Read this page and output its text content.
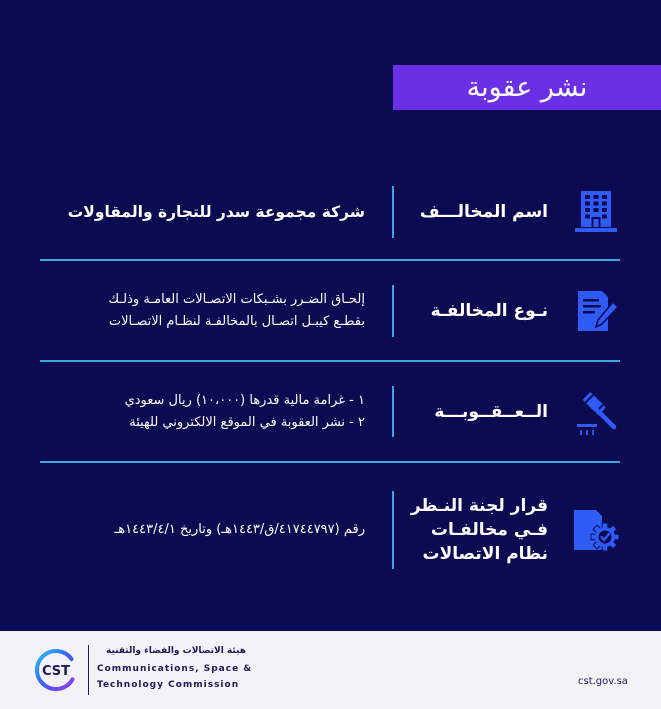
نشر عقوبة
اسم المخالـــف
شركة مجموعة سدر للتجارة والمقاولات
نـوع المخالفـة
إلحـاق الضـرر بشـبكات الاتصـالات العامـة وذلـك
بقطـع كيبـل اتصـال بالمخالفـة لنظـام الاتصـالات
الــعــقــوبـــة
١ - غرامة مالية قدرها (١٠،٠٠٠) ريال سعودي
٢ - نشر العقوبة في الموقع الالكتروني للهيئة
قرار لجنة النـظر
فـي مخالفـات
نظام الاتصالات
رقم (٤١٧٤٤٧٩٧/ق/١٤٤٣هـ) وتاريخ ١٤٤٣/٤/١هـ
CST
هيئة الاتصالات والفضاء والتقنية
Communications, Space &
Technology Commission	cst.gov.sa
